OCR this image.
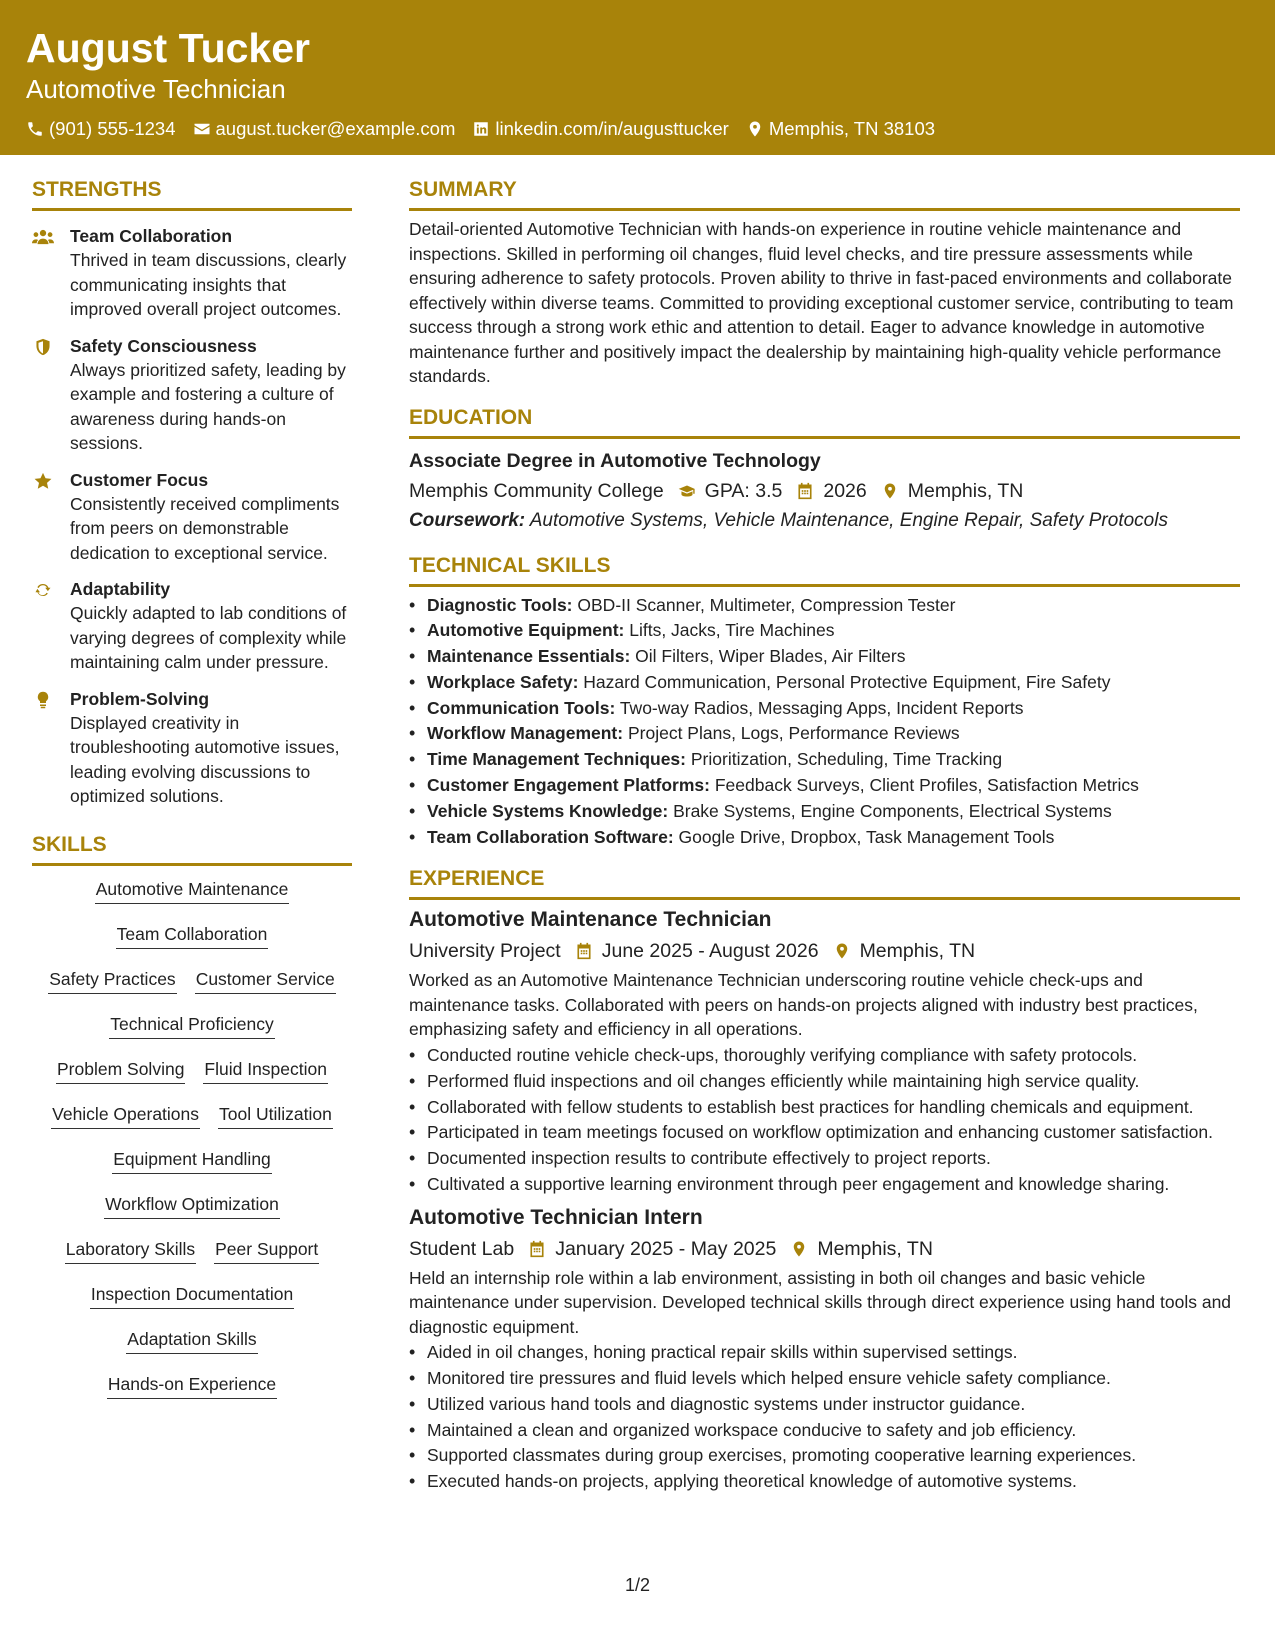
August Tucker
Automotive Technician
(901) 555-1234 august.tucker@example.com linkedin.com/in/augusttucker Memphis, TN 38103
STRENGTHS
Team Collaboration
Thrived in team discussions, clearly communicating insights that improved overall project outcomes.
Safety Consciousness
Always prioritized safety, leading by example and fostering a culture of awareness during hands-on sessions.
Customer Focus
Consistently received compliments from peers on demonstrable dedication to exceptional service.
Adaptability
Quickly adapted to lab conditions of varying degrees of complexity while maintaining calm under pressure.
Problem-Solving
Displayed creativity in troubleshooting automotive issues, leading evolving discussions to optimized solutions.
SKILLS
Automotive Maintenance
Team Collaboration
Safety Practices Customer Service
Technical Proficiency
Problem Solving Fluid Inspection
Vehicle Operations Tool Utilization
Equipment Handling
Workflow Optimization
Laboratory Skills Peer Support
Inspection Documentation
Adaptation Skills
Hands-on Experience
SUMMARY
Detail-oriented Automotive Technician with hands-on experience in routine vehicle maintenance and inspections. Skilled in performing oil changes, fluid level checks, and tire pressure assessments while ensuring adherence to safety protocols. Proven ability to thrive in fast-paced environments and collaborate effectively within diverse teams. Committed to providing exceptional customer service, contributing to team success through a strong work ethic and attention to detail. Eager to advance knowledge in automotive maintenance further and positively impact the dealership by maintaining high-quality vehicle performance standards.
EDUCATION
Associate Degree in Automotive Technology
Memphis Community College GPA: 3.5 2026 Memphis, TN
Coursework: Automotive Systems, Vehicle Maintenance, Engine Repair, Safety Protocols
TECHNICAL SKILLS
• Diagnostic Tools: OBD-II Scanner, Multimeter, Compression Tester
• Automotive Equipment: Lifts, Jacks, Tire Machines
• Maintenance Essentials: Oil Filters, Wiper Blades, Air Filters
• Workplace Safety: Hazard Communication, Personal Protective Equipment, Fire Safety
• Communication Tools: Two-way Radios, Messaging Apps, Incident Reports
• Workflow Management: Project Plans, Logs, Performance Reviews
• Time Management Techniques: Prioritization, Scheduling, Time Tracking
• Customer Engagement Platforms: Feedback Surveys, Client Profiles, Satisfaction Metrics
• Vehicle Systems Knowledge: Brake Systems, Engine Components, Electrical Systems
• Team Collaboration Software: Google Drive, Dropbox, Task Management Tools
EXPERIENCE
Automotive Maintenance Technician
University Project June 2025 - August 2026 Memphis, TN
Worked as an Automotive Maintenance Technician underscoring routine vehicle check-ups and maintenance tasks. Collaborated with peers on hands-on projects aligned with industry best practices, emphasizing safety and efficiency in all operations.
• Conducted routine vehicle check-ups, thoroughly verifying compliance with safety protocols.
• Performed fluid inspections and oil changes efficiently while maintaining high service quality.
• Collaborated with fellow students to establish best practices for handling chemicals and equipment.
• Participated in team meetings focused on workflow optimization and enhancing customer satisfaction.
• Documented inspection results to contribute effectively to project reports.
• Cultivated a supportive learning environment through peer engagement and knowledge sharing.
Automotive Technician Intern
Student Lab January 2025 - May 2025 Memphis, TN
Held an internship role within a lab environment, assisting in both oil changes and basic vehicle maintenance under supervision. Developed technical skills through direct experience using hand tools and diagnostic equipment.
• Aided in oil changes, honing practical repair skills within supervised settings.
• Monitored tire pressures and fluid levels which helped ensure vehicle safety compliance.
• Utilized various hand tools and diagnostic systems under instructor guidance.
• Maintained a clean and organized workspace conducive to safety and job efficiency.
• Supported classmates during group exercises, promoting cooperative learning experiences.
• Executed hands-on projects, applying theoretical knowledge of automotive systems.
1/2
